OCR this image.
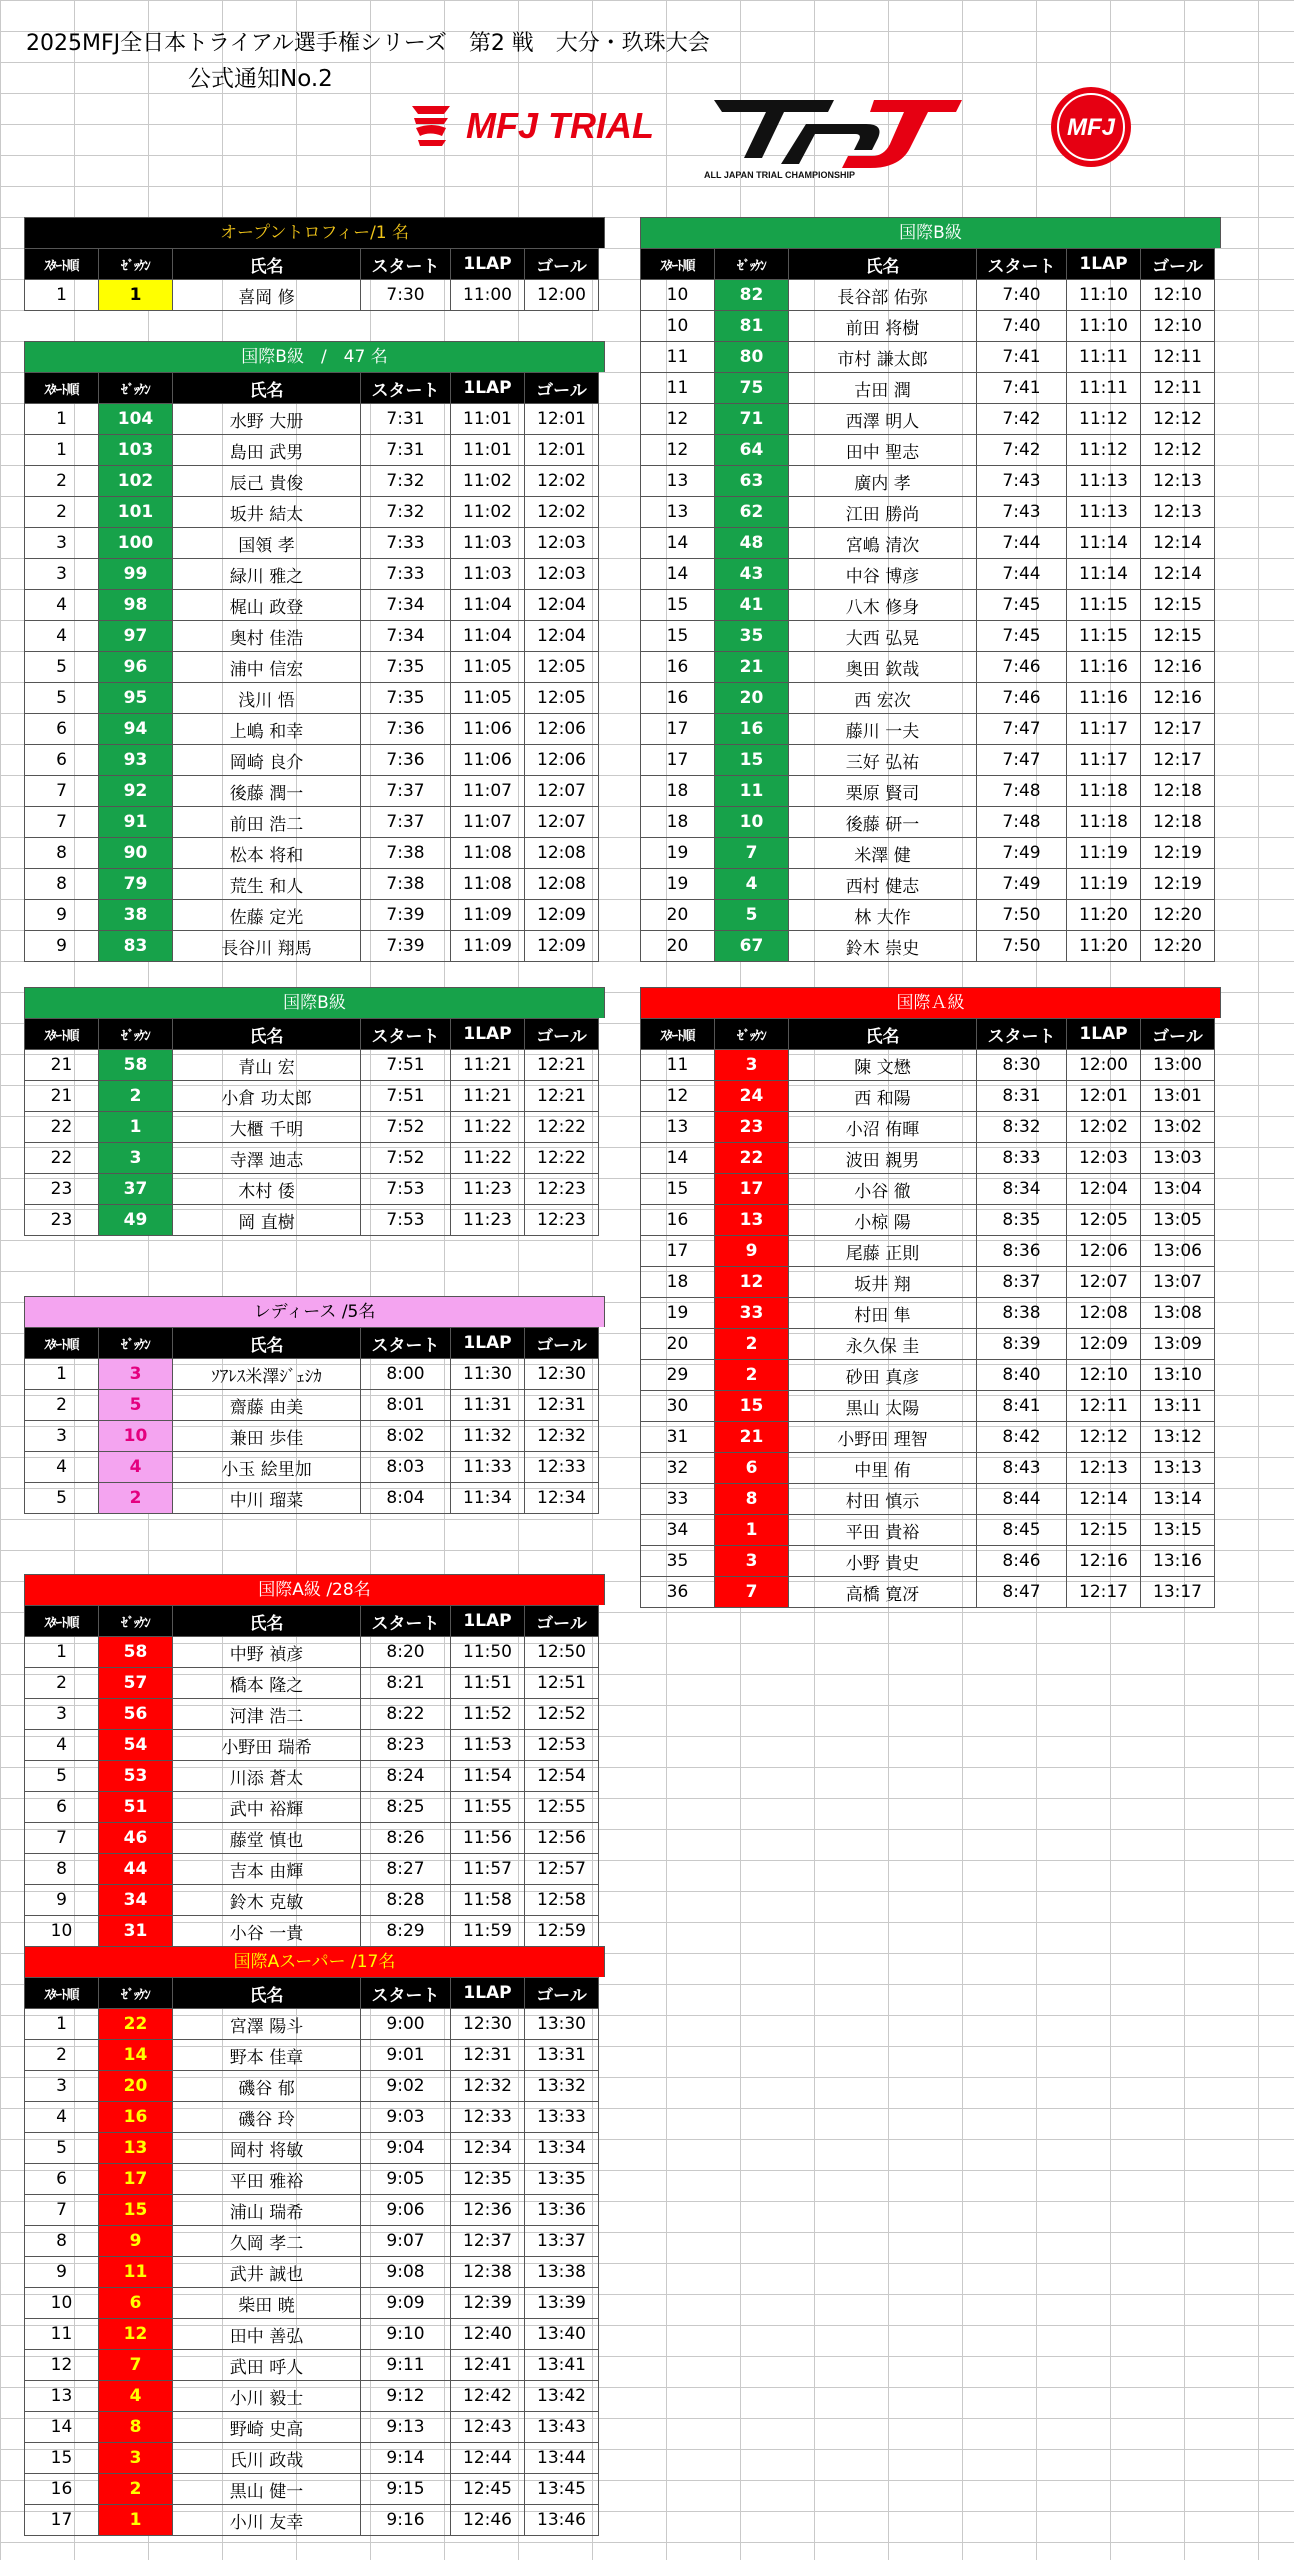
2025MFJ全日本トライアル選手権シリーズ　第2 戦　大分・玖珠大会
公式通知No.2
MFJ TRIAL
ALL JAPAN TRIAL CHAMPIONSHIP
MFJ
オープントロフィー/1 名
ｽﾀｰﾄ順	ｾﾞｯｹﾝ	氏名	スタート	1LAP	ゴール
1	1	喜岡 修	7:30	11:00	12:00
国際B級　/　47 名
ｽﾀｰﾄ順	ｾﾞｯｹﾝ	氏名	スタート	1LAP	ゴール
1	104	水野 大册	7:31	11:01	12:01
1	103	島田 武男	7:31	11:01	12:01
2	102	辰己 貴俊	7:32	11:02	12:02
2	101	坂井 結太	7:32	11:02	12:02
3	100	国領 孝	7:33	11:03	12:03
3	99	緑川 雅之	7:33	11:03	12:03
4	98	梶山 政登	7:34	11:04	12:04
4	97	奥村 佳浩	7:34	11:04	12:04
5	96	浦中 信宏	7:35	11:05	12:05
5	95	浅川 悟	7:35	11:05	12:05
6	94	上嶋 和幸	7:36	11:06	12:06
6	93	岡崎 良介	7:36	11:06	12:06
7	92	後藤 潤一	7:37	11:07	12:07
7	91	前田 浩二	7:37	11:07	12:07
8	90	松本 将和	7:38	11:08	12:08
8	79	荒生 和人	7:38	11:08	12:08
9	38	佐藤 定光	7:39	11:09	12:09
9	83	長谷川 翔馬	7:39	11:09	12:09
国際B級
ｽﾀｰﾄ順	ｾﾞｯｹﾝ	氏名	スタート	1LAP	ゴール
21	58	青山 宏	7:51	11:21	12:21
21	2	小倉 功太郎	7:51	11:21	12:21
22	1	大櫃 千明	7:52	11:22	12:22
22	3	寺澤 迪志	7:52	11:22	12:22
23	37	木村 倭	7:53	11:23	12:23
23	49	岡 直樹	7:53	11:23	12:23
レディース /5名
ｽﾀｰﾄ順	ｾﾞｯｹﾝ	氏名	スタート	1LAP	ゴール
1	3	ｿｱﾚｽ米澤ｼﾞｪｼｶ	8:00	11:30	12:30
2	5	齋藤 由美	8:01	11:31	12:31
3	10	兼田 歩佳	8:02	11:32	12:32
4	4	小玉 絵里加	8:03	11:33	12:33
5	2	中川 瑠菜	8:04	11:34	12:34
国際A級 /28名
ｽﾀｰﾄ順	ｾﾞｯｹﾝ	氏名	スタート	1LAP	ゴール
1	58	中野 禎彦	8:20	11:50	12:50
2	57	橋本 隆之	8:21	11:51	12:51
3	56	河津 浩二	8:22	11:52	12:52
4	54	小野田 瑞希	8:23	11:53	12:53
5	53	川添 蒼太	8:24	11:54	12:54
6	51	武中 裕輝	8:25	11:55	12:55
7	46	藤堂 慎也	8:26	11:56	12:56
8	44	吉本 由輝	8:27	11:57	12:57
9	34	鈴木 克敏	8:28	11:58	12:58
10	31	小谷 一貴	8:29	11:59	12:59
国際Aスーパー /17名
ｽﾀｰﾄ順	ｾﾞｯｹﾝ	氏名	スタート	1LAP	ゴール
1	22	宮澤 陽斗	9:00	12:30	13:30
2	14	野本 佳章	9:01	12:31	13:31
3	20	磯谷 郁	9:02	12:32	13:32
4	16	磯谷 玲	9:03	12:33	13:33
5	13	岡村 将敏	9:04	12:34	13:34
6	17	平田 雅裕	9:05	12:35	13:35
7	15	浦山 瑞希	9:06	12:36	13:36
8	9	久岡 孝二	9:07	12:37	13:37
9	11	武井 誠也	9:08	12:38	13:38
10	6	柴田 暁	9:09	12:39	13:39
11	12	田中 善弘	9:10	12:40	13:40
12	7	武田 呼人	9:11	12:41	13:41
13	4	小川 毅士	9:12	12:42	13:42
14	8	野崎 史高	9:13	12:43	13:43
15	3	氏川 政哉	9:14	12:44	13:44
16	2	黒山 健一	9:15	12:45	13:45
17	1	小川 友幸	9:16	12:46	13:46
国際B級
ｽﾀｰﾄ順	ｾﾞｯｹﾝ	氏名	スタート	1LAP	ゴール
10	82	長谷部 佑弥	7:40	11:10	12:10
10	81	前田 将樹	7:40	11:10	12:10
11	80	市村 謙太郎	7:41	11:11	12:11
11	75	古田 潤	7:41	11:11	12:11
12	71	西澤 明人	7:42	11:12	12:12
12	64	田中 聖志	7:42	11:12	12:12
13	63	廣内 孝	7:43	11:13	12:13
13	62	江田 勝尚	7:43	11:13	12:13
14	48	宮嶋 清次	7:44	11:14	12:14
14	43	中谷 博彦	7:44	11:14	12:14
15	41	八木 修身	7:45	11:15	12:15
15	35	大西 弘晃	7:45	11:15	12:15
16	21	奥田 欽哉	7:46	11:16	12:16
16	20	西 宏次	7:46	11:16	12:16
17	16	藤川 一夫	7:47	11:17	12:17
17	15	三好 弘祐	7:47	11:17	12:17
18	11	栗原 賢司	7:48	11:18	12:18
18	10	後藤 研一	7:48	11:18	12:18
19	7	米澤 健	7:49	11:19	12:19
19	4	西村 健志	7:49	11:19	12:19
20	5	林 大作	7:50	11:20	12:20
20	67	鈴木 崇史	7:50	11:20	12:20
国際Ａ級
ｽﾀｰﾄ順	ｾﾞｯｹﾝ	氏名	スタート	1LAP	ゴール
11	3	陳 文懋	8:30	12:00	13:00
12	24	西 和陽	8:31	12:01	13:01
13	23	小沼 侑暉	8:32	12:02	13:02
14	22	波田 親男	8:33	12:03	13:03
15	17	小谷 徹	8:34	12:04	13:04
16	13	小椋 陽	8:35	12:05	13:05
17	9	尾藤 正則	8:36	12:06	13:06
18	12	坂井 翔	8:37	12:07	13:07
19	33	村田 隼	8:38	12:08	13:08
20	2	永久保 圭	8:39	12:09	13:09
29	2	砂田 真彦	8:40	12:10	13:10
30	15	黒山 太陽	8:41	12:11	13:11
31	21	小野田 理智	8:42	12:12	13:12
32	6	中里 侑	8:43	12:13	13:13
33	8	村田 慎示	8:44	12:14	13:14
34	1	平田 貴裕	8:45	12:15	13:15
35	3	小野 貴史	8:46	12:16	13:16
36	7	高橋 寛冴	8:47	12:17	13:17
